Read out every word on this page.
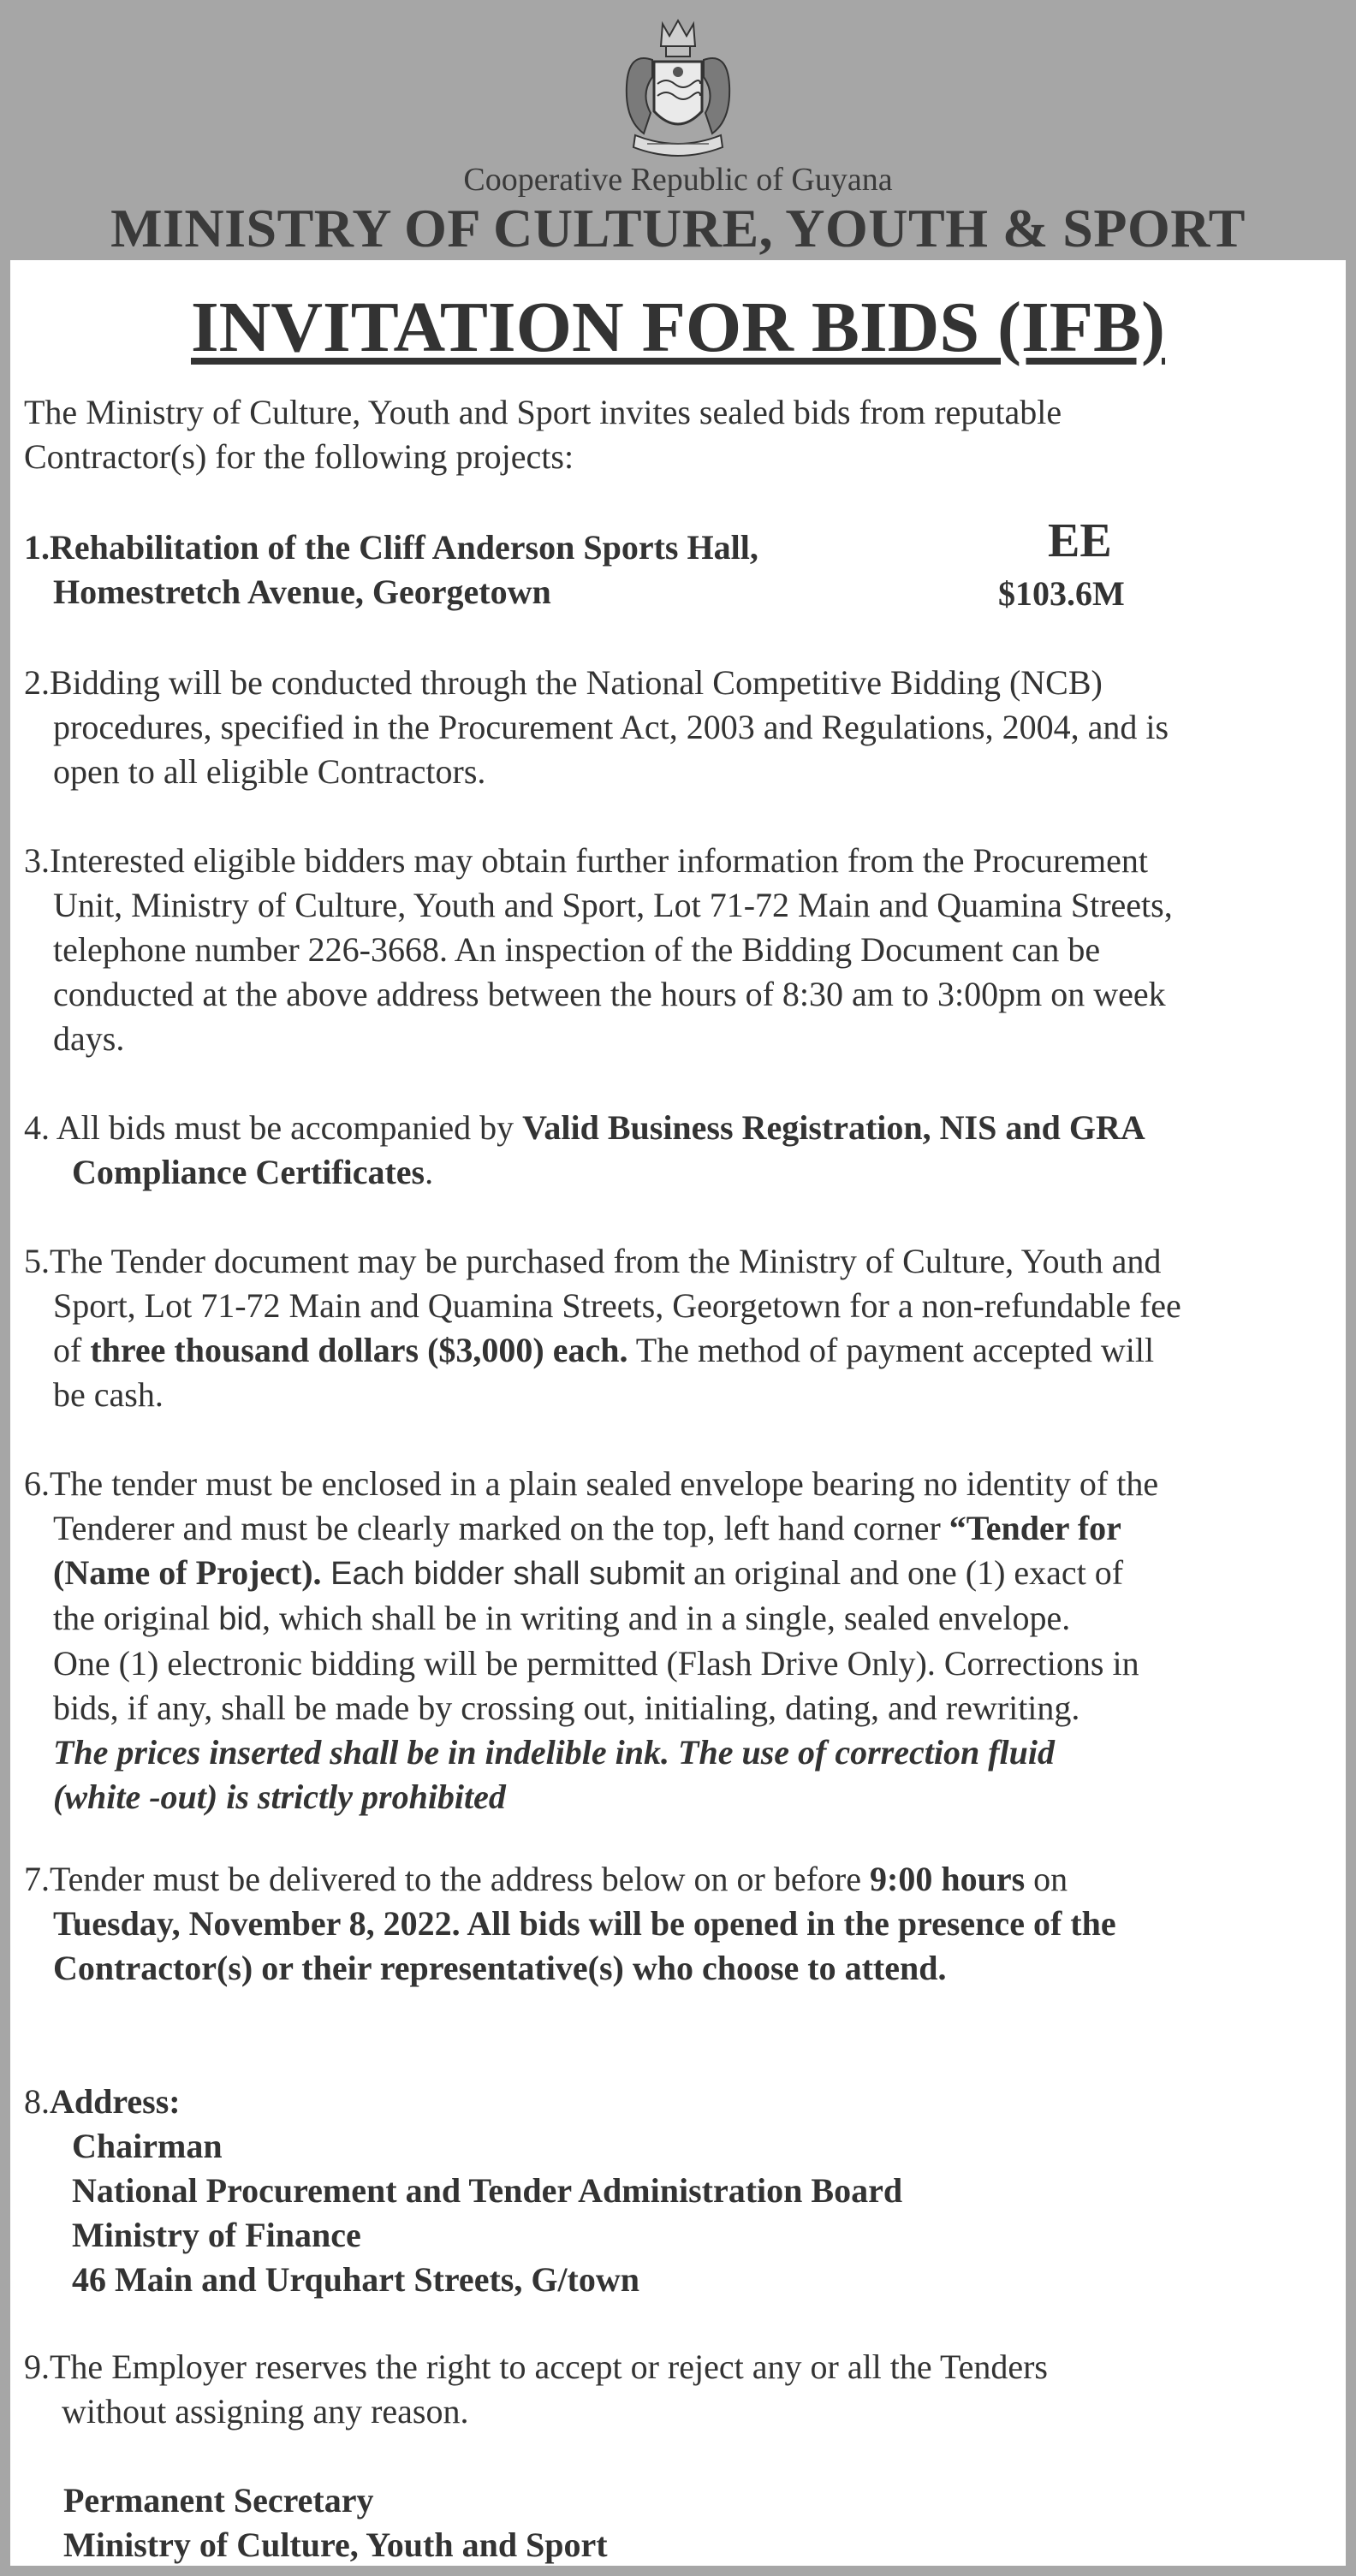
Cooperative Republic of Guyana
MINISTRY OF CULTURE, YOUTH & SPORT
INVITATION FOR BIDS (IFB)

The Ministry of Culture, Youth and Sport invites sealed bids from reputable
Contractor(s) for the following projects:

1.Rehabilitation of the Cliff Anderson Sports Hall,
Homestretch Avenue, Georgetown

EE
$103.6M

2.Bidding will be conducted through the National Competitive Bidding (NCB)
procedures, specified in the Procurement Act, 2003 and Regulations, 2004, and is
open to all eligible Contractors.

3.Interested eligible bidders may obtain further information from the Procurement
Unit, Ministry of Culture, Youth and Sport, Lot 71-72 Main and Quamina Streets,
telephone number 226-3668. An inspection of the Bidding Document can be
conducted at the above address between the hours of 8:30 am to 3:00pm on week
days.

4. All bids must be accompanied by Valid Business Registration, NIS and GRA
Compliance Certificates.

5.The Tender document may be purchased from the Ministry of Culture, Youth and
Sport, Lot 71-72 Main and Quamina Streets, Georgetown for a non-refundable fee
of three thousand dollars ($3,000) each. The method of payment accepted will
be cash.

6.The tender must be enclosed in a plain sealed envelope bearing no identity of the
Tenderer and must be clearly marked on the top, left hand corner “Tender for
(Name of Project). Each bidder shall submit an original and one (1) exact of
the original bid, which shall be in writing and in a single, sealed envelope.
One (1) electronic bidding will be permitted (Flash Drive Only). Corrections in
bids, if any, shall be made by crossing out, initialing, dating, and rewriting.
The prices inserted shall be in indelible ink. The use of correction fluid
(white -out) is strictly prohibited

7.Tender must be delivered to the address below on or before 9:00 hours on
Tuesday, November 8, 2022. All bids will be opened in the presence of the
Contractor(s) or their representative(s) who choose to attend.

8.Address:
Chairman
National Procurement and Tender Administration Board
Ministry of Finance
46 Main and Urquhart Streets, G/town

9.The Employer reserves the right to accept or reject any or all the Tenders
without assigning any reason.

Permanent Secretary
Ministry of Culture, Youth and Sport
